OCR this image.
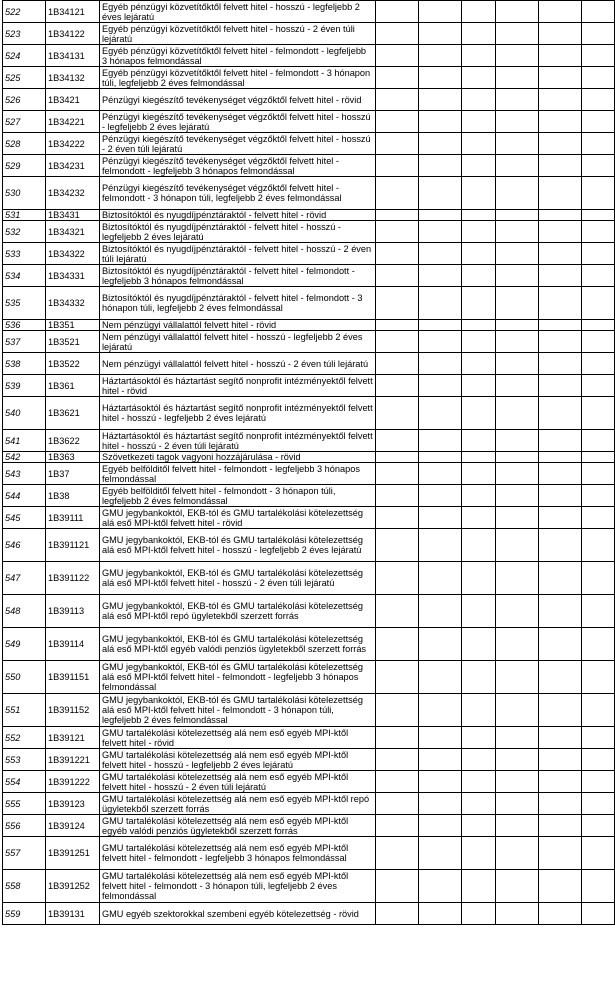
522	1B34121	Egyéb pénzügyi közvetítőktől felvett hitel - hosszú - legfeljebb 2 éves lejáratú						
523	1B34122	Egyéb pénzügyi közvetítőktől felvett hitel - hosszú - 2 éven túli lejáratú						
524	1B34131	Egyéb pénzügyi közvetítőktől felvett hitel - felmondott - legfeljebb 3 hónapos felmondással						
525	1B34132	Egyéb pénzügyi közvetítőktől felvett hitel - felmondott - 3 hónapon túli, legfeljebb 2 éves felmondással						
526	1B3421	Pénzügyi kiegészítő tevékenységet végzőktől felvett hitel - rövid						
527	1B34221	Pénzügyi kiegészítő tevékenységet végzőktől felvett hitel - hosszú - legfeljebb 2 éves lejáratú						
528	1B34222	Pénzügyi kiegészítő tevékenységet végzőktől felvett hitel - hosszú - 2 éven túli lejáratú						
529	1B34231	Pénzügyi kiegészítő tevékenységet végzőktől felvett hitel - felmondott - legfeljebb 3 hónapos felmondással						
530	1B34232	Pénzügyi kiegészítő tevékenységet végzőktől felvett hitel - felmondott - 3 hónapon túli, legfeljebb 2 éves felmondással						
531	1B3431	Biztosítóktól és nyugdíjpénztáraktól - felvett hitel - rövid						
532	1B34321	Biztosítóktól és nyugdíjpénztáraktól - felvett hitel - hosszú - legfeljebb 2 éves lejáratú						
533	1B34322	Biztosítóktól és nyugdíjpénztáraktól - felvett hitel - hosszú - 2 éven túli lejáratú						
534	1B34331	Biztosítóktól és nyugdíjpénztáraktól - felvett hitel - felmondott - legfeljebb 3 hónapos felmondással						
535	1B34332	Biztosítóktól és nyugdíjpénztáraktól - felvett hitel - felmondott - 3 hónapon túli, legfeljebb 2 éves felmondással						
536	1B351	Nem pénzügyi vállalattól felvett hitel - rövid						
537	1B3521	Nem pénzügyi vállalattól felvett hitel - hosszú - legfeljebb 2 éves lejáratú						
538	1B3522	Nem pénzügyi vállalattól felvett hitel - hosszú - 2 éven túli lejáratú						
539	1B361	Háztartásoktól és háztartást segítő nonprofit intézményektől felvett hitel - rövid						
540	1B3621	Háztartásoktól és háztartást segítő nonprofit intézményektől felvett hitel - hosszú - legfeljebb 2 éves lejáratú						
541	1B3622	Háztartásoktól és háztartást segítő nonprofit intézményektől felvett hitel - hosszú - 2 éven túli lejáratú						
542	1B363	Szövetkezeti tagok vagyoni hozzájárulása - rövid						
543	1B37	Egyéb belfölditől felvett hitel - felmondott - legfeljebb 3 hónapos felmondással						
544	1B38	Egyéb belfölditől felvett hitel - felmondott - 3 hónapon túli, legfeljebb 2 éves felmondással						
545	1B39111	GMU jegybankoktól, EKB-tól és GMU tartalékolási kötelezettség alá eső MPI-ktől felvett hitel - rövid						
546	1B391121	GMU jegybankoktól, EKB-tól és GMU tartalékolási kötelezettség alá eső MPI-ktől felvett hitel - hosszú - legfeljebb 2 éves lejáratú						
547	1B391122	GMU jegybankoktól, EKB-tól és GMU tartalékolási kötelezettség alá eső MPI-ktől felvett hitel - hosszú - 2 éven túli lejáratú						
548	1B39113	GMU jegybankoktól, EKB-tól és GMU tartalékolási kötelezettség alá eső MPI-ktől repó ügyletekből szerzett forrás						
549	1B39114	GMU jegybankoktól, EKB-tól és GMU tartalékolási kötelezettség alá eső MPI-ktől egyéb valódi penziós ügyletekből szerzett forrás						
550	1B391151	GMU jegybankoktól, EKB-tól és GMU tartalékolási kötelezettség alá eső MPI-ktől felvett hitel - felmondott - legfeljebb 3 hónapos felmondással						
551	1B391152	GMU jegybankoktól, EKB-tól és GMU tartalékolási kötelezettség alá eső MPI-ktől felvett hitel - felmondott - 3 hónapon túli, legfeljebb 2 éves felmondással						
552	1B39121	GMU tartalékolási kötelezettség alá nem eső egyéb MPI-ktől felvett hitel - rövid						
553	1B391221	GMU tartalékolási kötelezettség alá nem eső egyéb MPI-ktől felvett hitel - hosszú - legfeljebb 2 éves lejáratú						
554	1B391222	GMU tartalékolási kötelezettség alá nem eső egyéb MPI-ktől felvett hitel - hosszú - 2 éven túli lejáratú						
555	1B39123	GMU tartalékolási kötelezettség alá nem eső egyéb MPI-ktől repó ügyletekből szerzett forrás						
556	1B39124	GMU tartalékolási kötelezettség alá nem eső egyéb MPI-ktől egyéb valódi penziós ügyletekből szerzett forrás						
557	1B391251	GMU tartalékolási kötelezettség alá nem eső egyéb MPI-ktől felvett hitel - felmondott - legfeljebb 3 hónapos felmondással						
558	1B391252	GMU tartalékolási kötelezettség alá nem eső egyéb MPI-ktől felvett hitel - felmondott - 3 hónapon túli, legfeljebb 2 éves felmondással						
559	1B39131	GMU egyéb szektorokkal szembeni egyéb kötelezettség - rövid						
